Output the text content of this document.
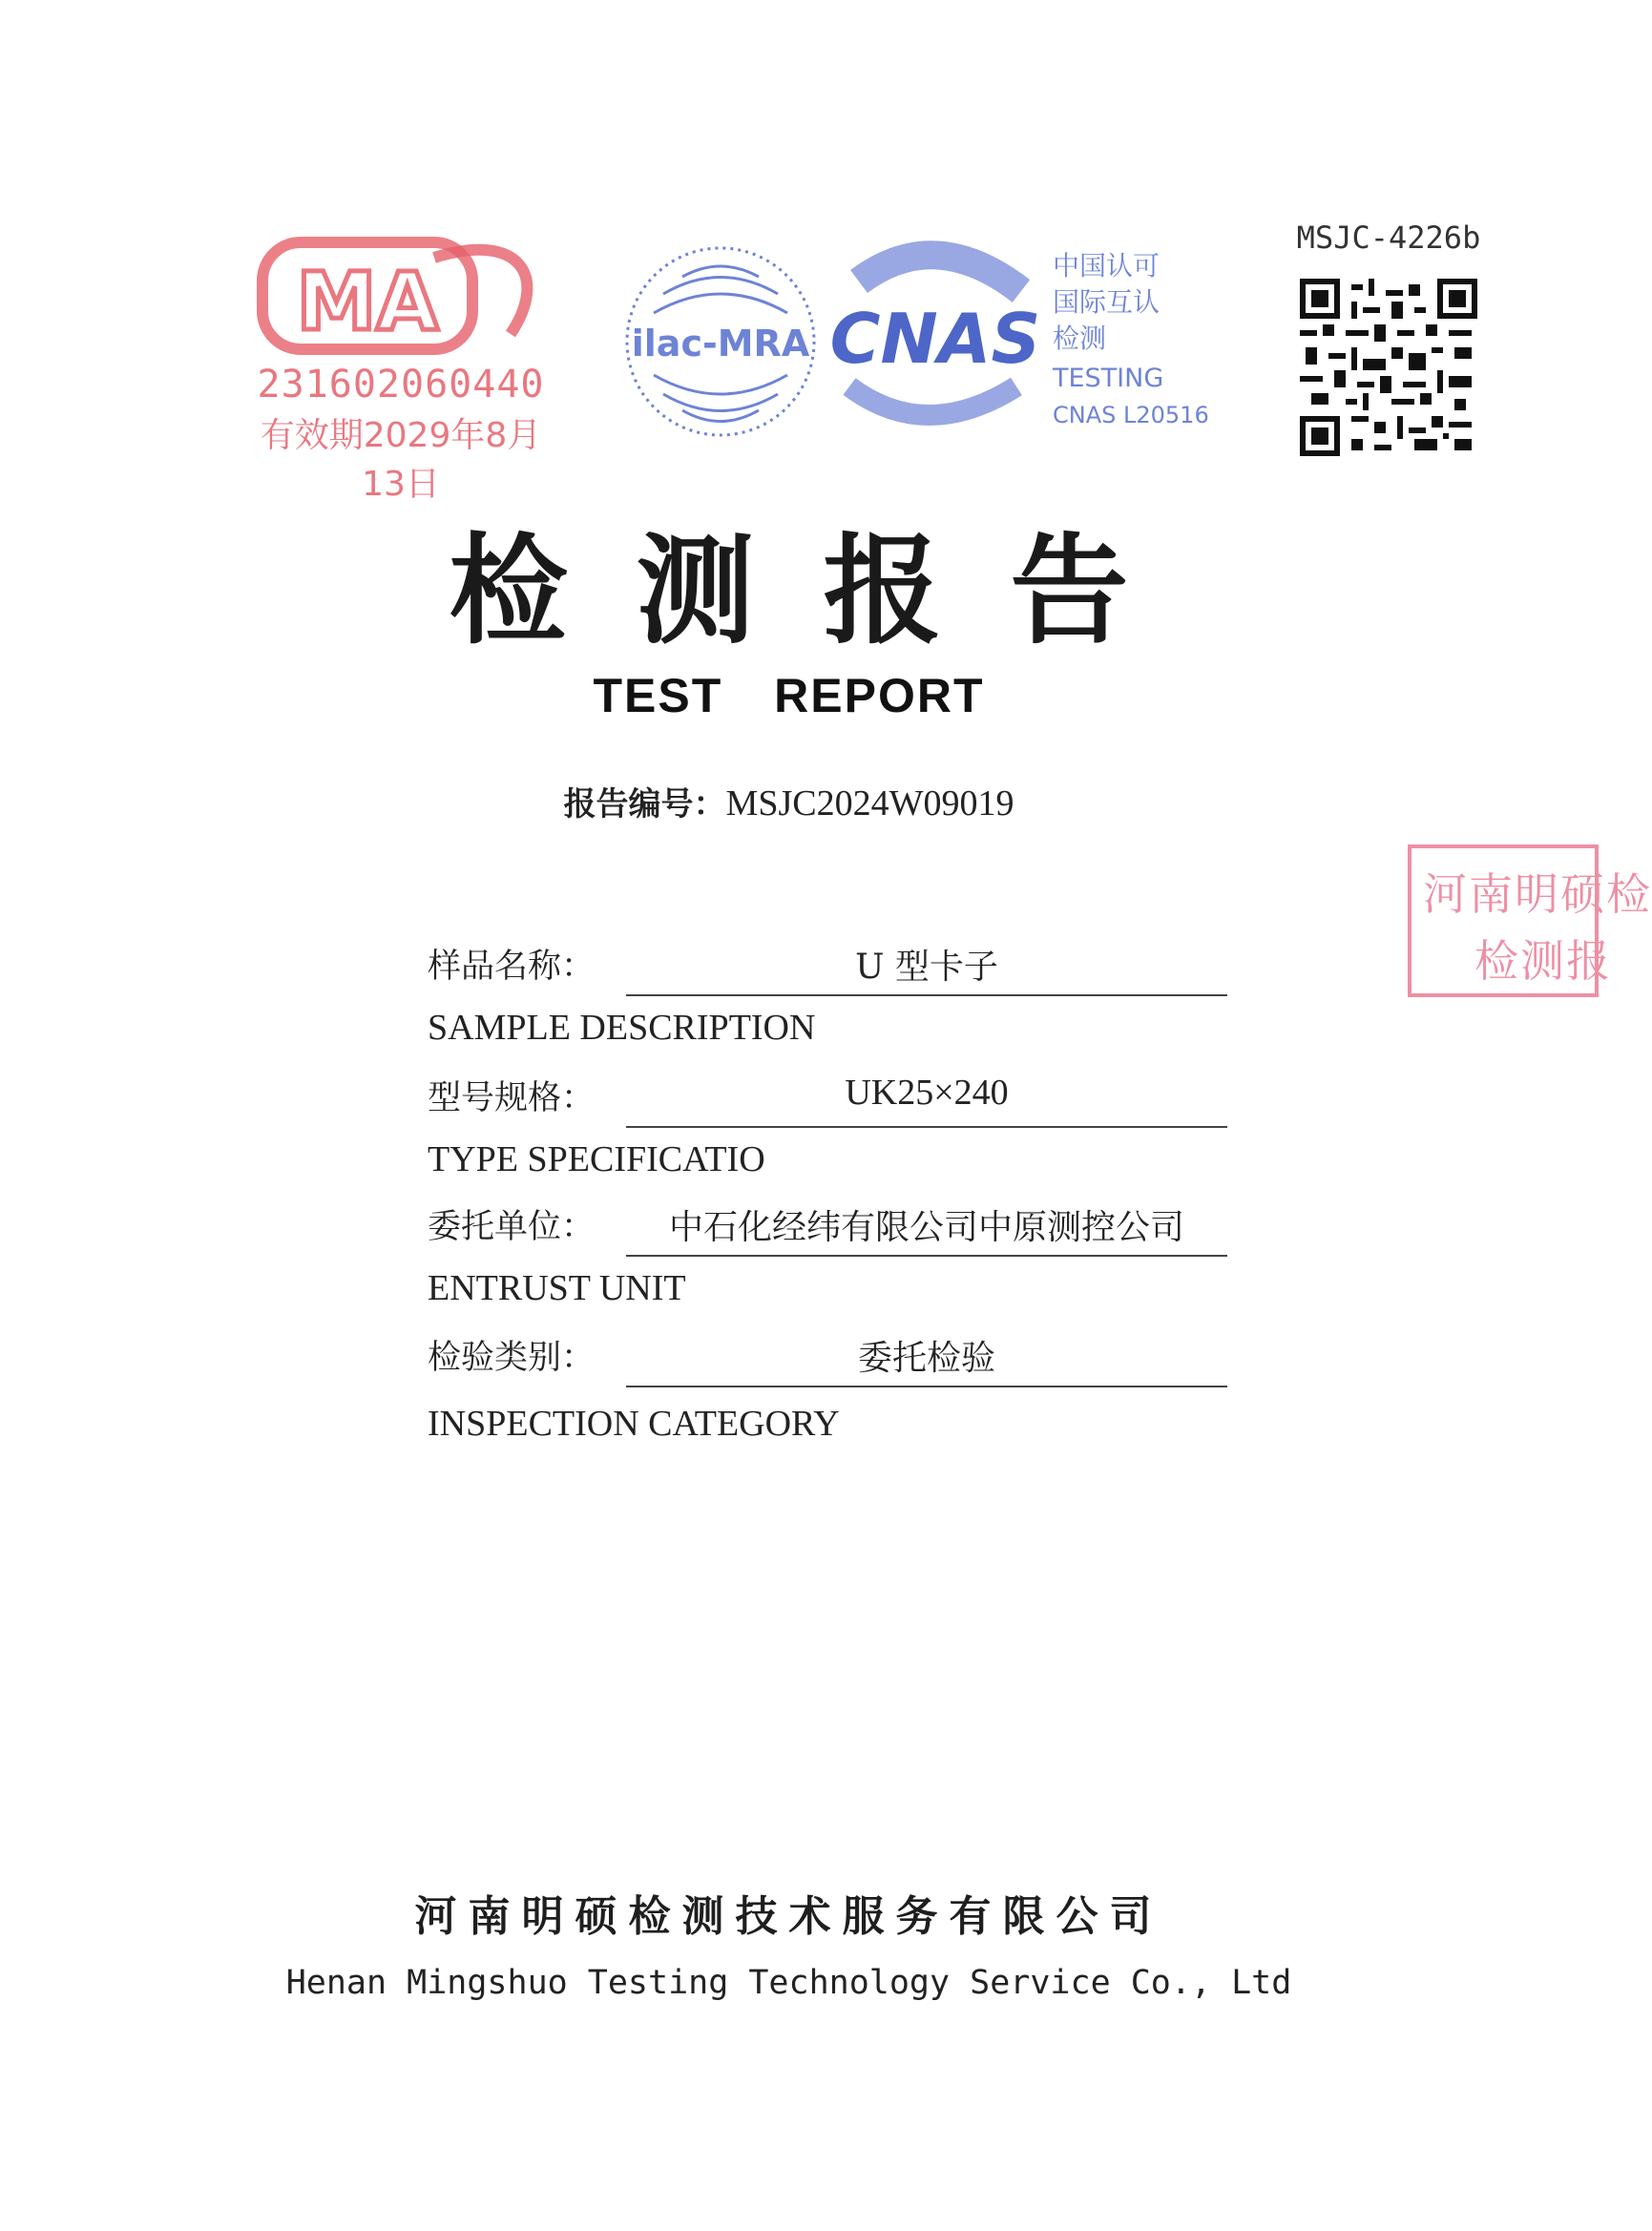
MA
231602060440
有效期2029年8月13日
ilac-MRA CNAS
中国认可
国际互认
检测
TESTING
CNAS L20516
MSJC-4226b
河南明硕检
检测报
检测报告
TEST REPORT
报告编号：MSJC2024W09019
样品名称：	U 型卡子
SAMPLE DESCRIPTION
型号规格：	UK25×240
TYPE SPECIFICATIO
委托单位：	中石化经纬有限公司中原测控公司
ENTRUST UNIT
检验类别：	委托检验
INSPECTION CATEGORY
河南明硕检测技术服务有限公司
Henan Mingshuo Testing Technology Service Co., Ltd
